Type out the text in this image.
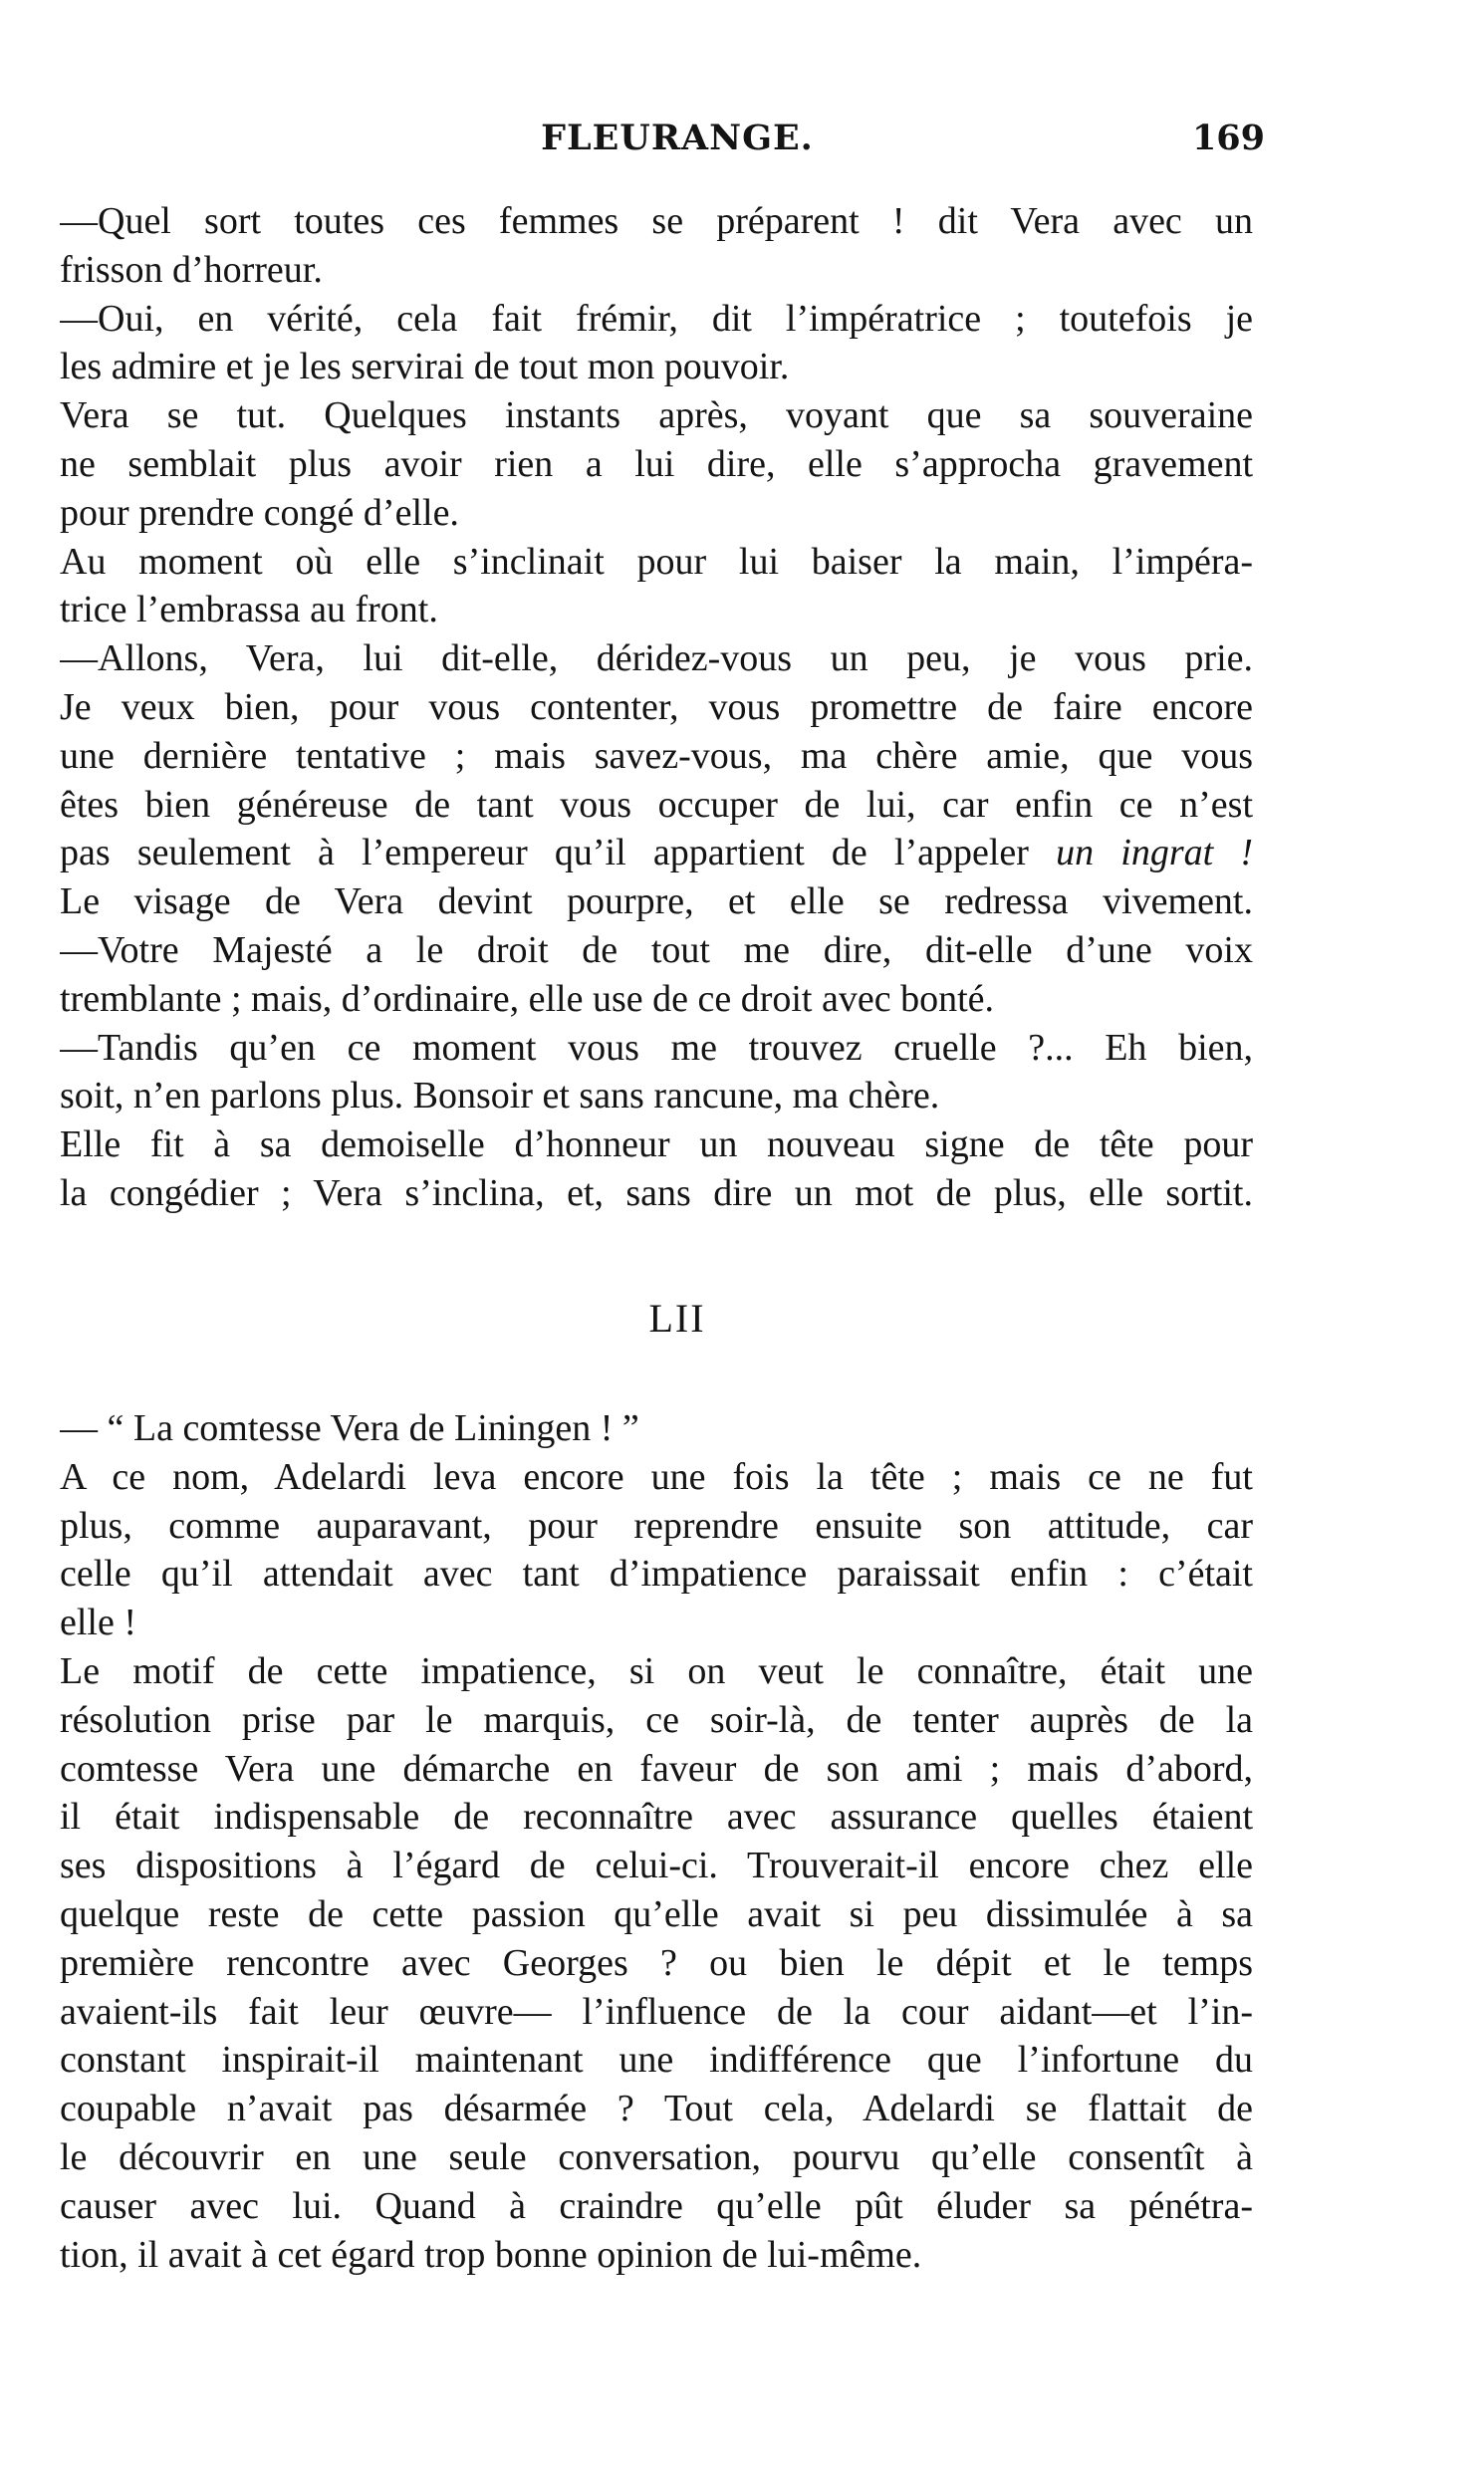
FLEURANGE.	169
—Quel sort toutes ces femmes se préparent ! dit Vera avec un
frisson d’horreur.
—Oui, en vérité, cela fait frémir, dit l’impératrice ; toutefois je
les admire et je les servirai de tout mon pouvoir.
Vera se tut. Quelques instants après, voyant que sa souveraine
ne semblait plus avoir rien a lui dire, elle s’approcha gravement
pour prendre congé d’elle.
Au moment où elle s’inclinait pour lui baiser la main, l’impéra-
trice l’embrassa au front.
—Allons, Vera, lui dit-elle, déridez-vous un peu, je vous prie.
Je veux bien, pour vous contenter, vous promettre de faire encore
une dernière tentative ; mais savez-vous, ma chère amie, que vous
êtes bien généreuse de tant vous occuper de lui, car enfin ce n’est
pas seulement à l’empereur qu’il appartient de l’appeler un ingrat !
Le visage de Vera devint pourpre, et elle se redressa vivement.
—Votre Majesté a le droit de tout me dire, dit-elle d’une voix
tremblante ; mais, d’ordinaire, elle use de ce droit avec bonté.
—Tandis qu’en ce moment vous me trouvez cruelle ?... Eh bien,
soit, n’en parlons plus. Bonsoir et sans rancune, ma chère.
Elle fit à sa demoiselle d’honneur un nouveau signe de tête pour
la congédier ; Vera s’inclina, et, sans dire un mot de plus, elle sortit.
LII
— “ La comtesse Vera de Liningen ! ”
A ce nom, Adelardi leva encore une fois la tête ; mais ce ne fut
plus, comme auparavant, pour reprendre ensuite son attitude, car
celle qu’il attendait avec tant d’impatience paraissait enfin : c’était
elle !
Le motif de cette impatience, si on veut le connaître, était une
résolution prise par le marquis, ce soir-là, de tenter auprès de la
comtesse Vera une démarche en faveur de son ami ; mais d’abord,
il était indispensable de reconnaître avec assurance quelles étaient
ses dispositions à l’égard de celui-ci. Trouverait-il encore chez elle
quelque reste de cette passion qu’elle avait si peu dissimulée à sa
première rencontre avec Georges ? ou bien le dépit et le temps
avaient-ils fait leur œuvre— l’influence de la cour aidant—et l’in-
constant inspirait-il maintenant une indifférence que l’infortune du
coupable n’avait pas désarmée ? Tout cela, Adelardi se flattait de
le découvrir en une seule conversation, pourvu qu’elle consentît à
causer avec lui. Quand à craindre qu’elle pût éluder sa pénétra-
tion, il avait à cet égard trop bonne opinion de lui-même.
